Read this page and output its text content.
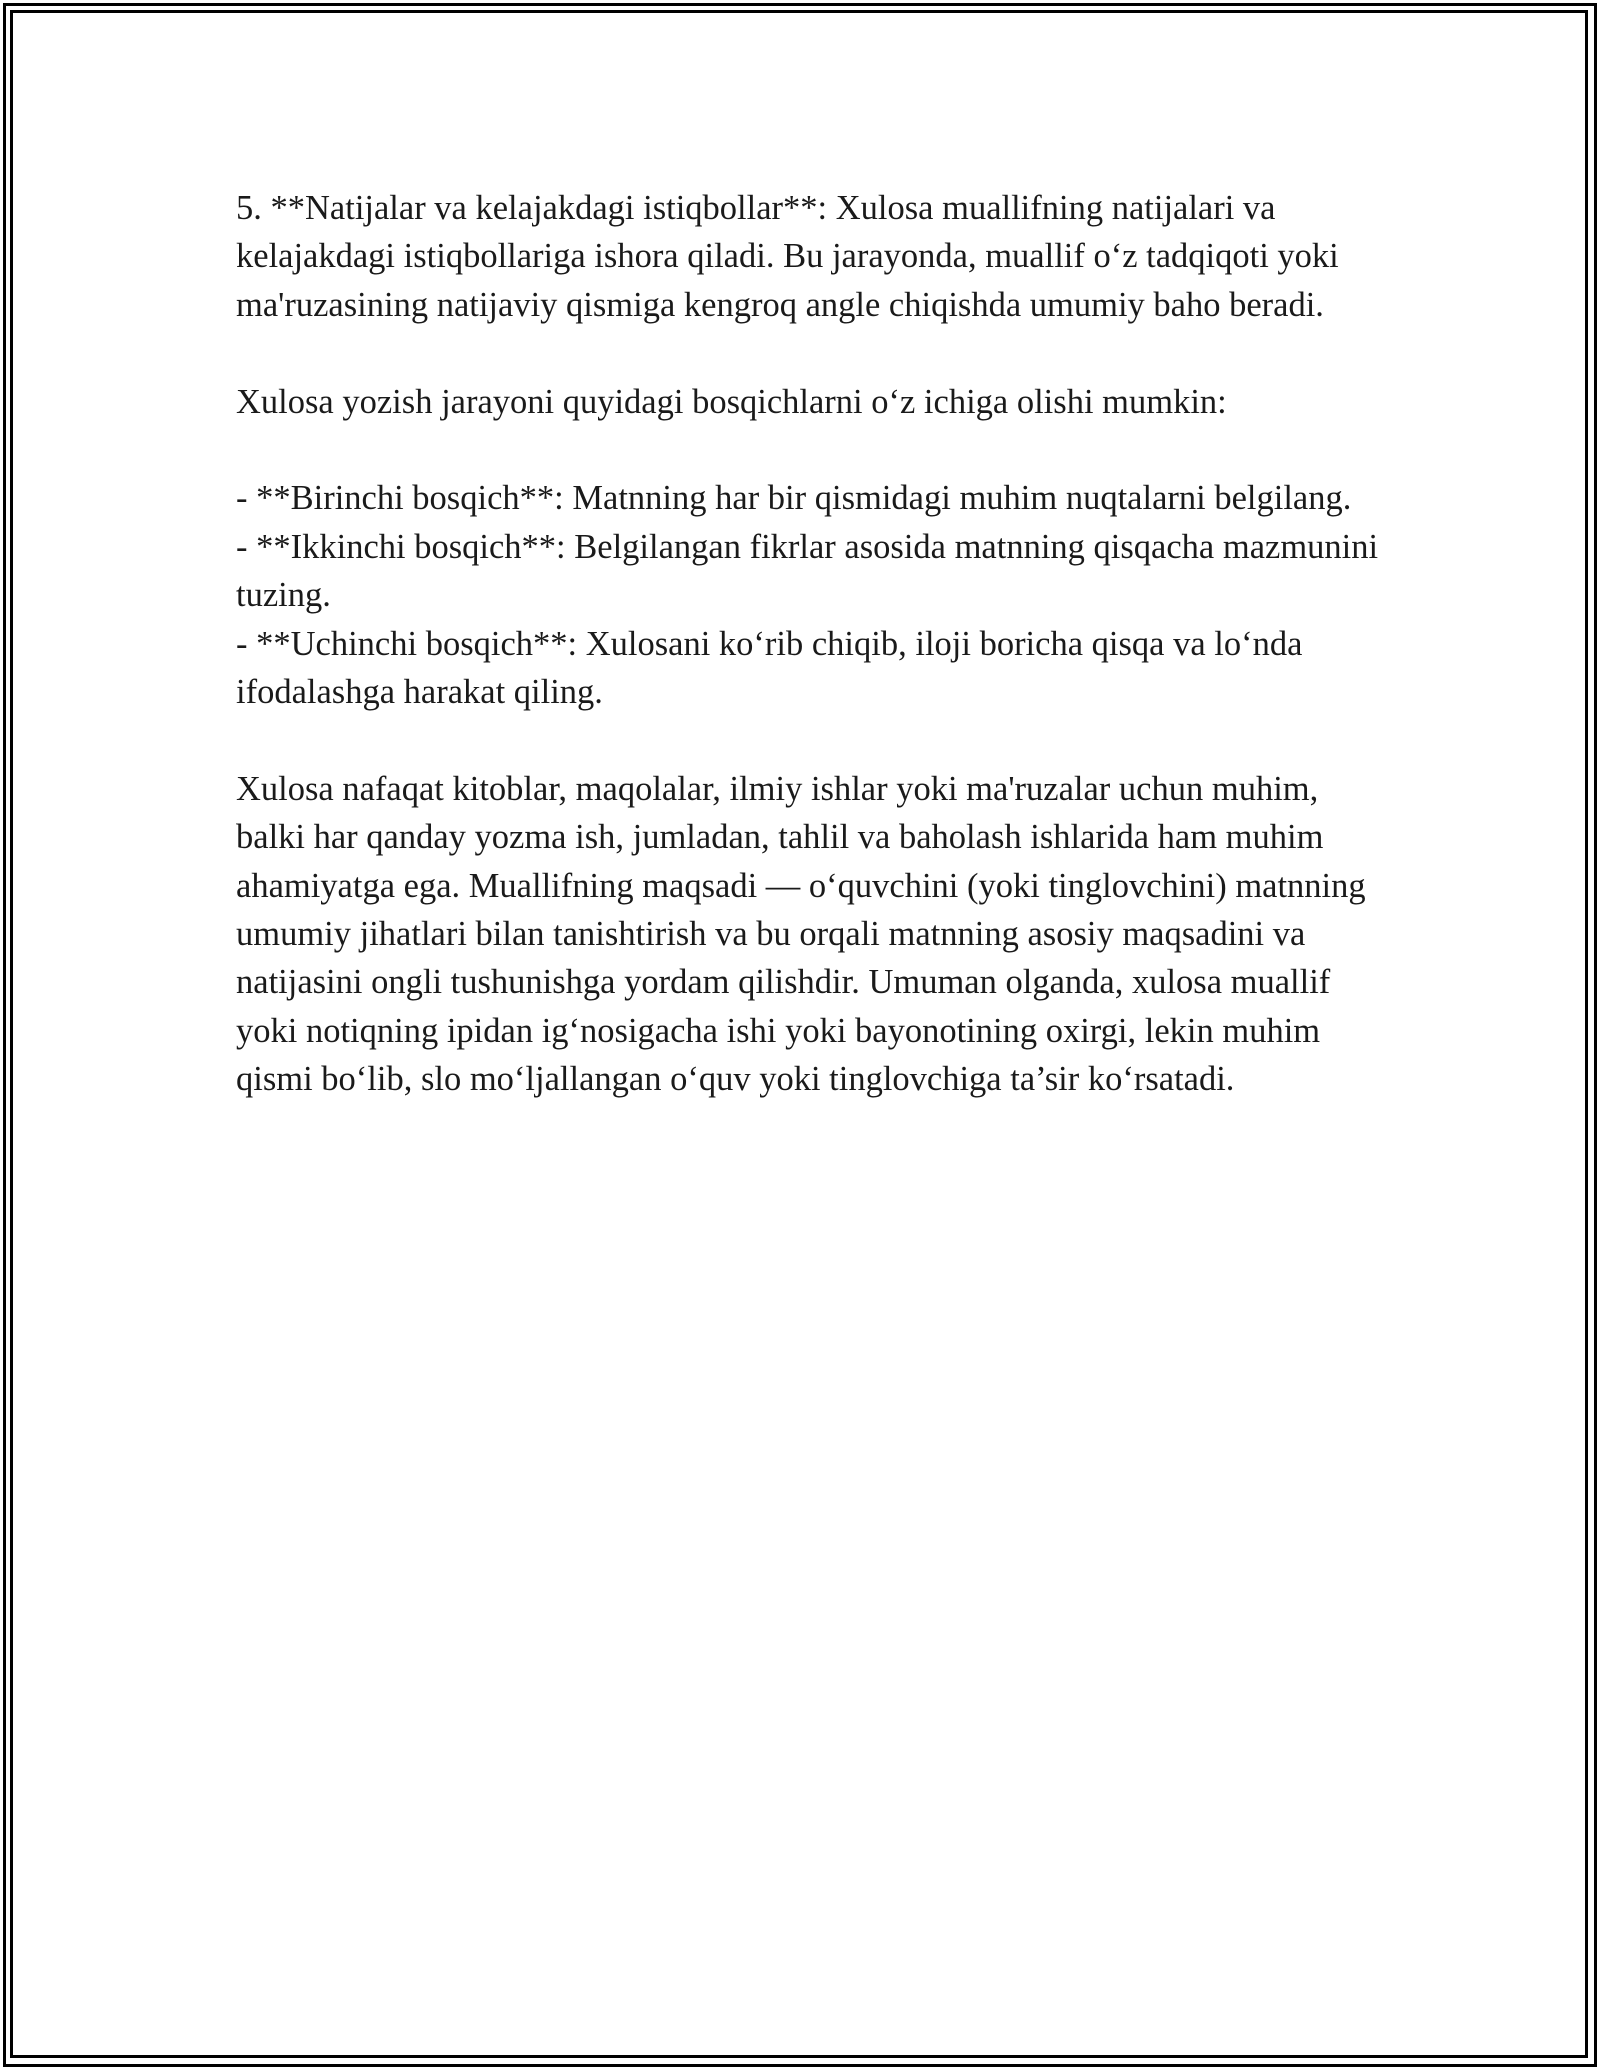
5. **Natijalar va kelajakdagi istiqbollar**: Xulosa muallifning natijalari va kelajakdagi istiqbollariga ishora qiladi. Bu jarayonda, muallif o‘z tadqiqoti yoki ma'ruzasining natijaviy qismiga kengroq angle chiqishda umumiy baho beradi.

Xulosa yozish jarayoni quyidagi bosqichlarni o‘z ichiga olishi mumkin:

- **Birinchi bosqich**: Matnning har bir qismidagi muhim nuqtalarni belgilang.

- **Ikkinchi bosqich**: Belgilangan fikrlar asosida matnning qisqacha mazmunini tuzing.

- **Uchinchi bosqich**: Xulosani ko‘rib chiqib, iloji boricha qisqa va lo‘nda ifodalashga harakat qiling.

Xulosa nafaqat kitoblar, maqolalar, ilmiy ishlar yoki ma'ruzalar uchun muhim, balki har qanday yozma ish, jumladan, tahlil va baholash ishlarida ham muhim ahamiyatga ega. Muallifning maqsadi — o‘quvchini (yoki tinglovchini) matnning umumiy jihatlari bilan tanishtirish va bu orqali matnning asosiy maqsadini va natijasini ongli tushunishga yordam qilishdir. Umuman olganda, xulosa muallif yoki notiqning ipidan ig‘nosigacha ishi yoki bayonotining oxirgi, lekin muhim qismi bo‘lib, slo mo‘ljallangan o‘quv yoki tinglovchiga ta’sir ko‘rsatadi.
